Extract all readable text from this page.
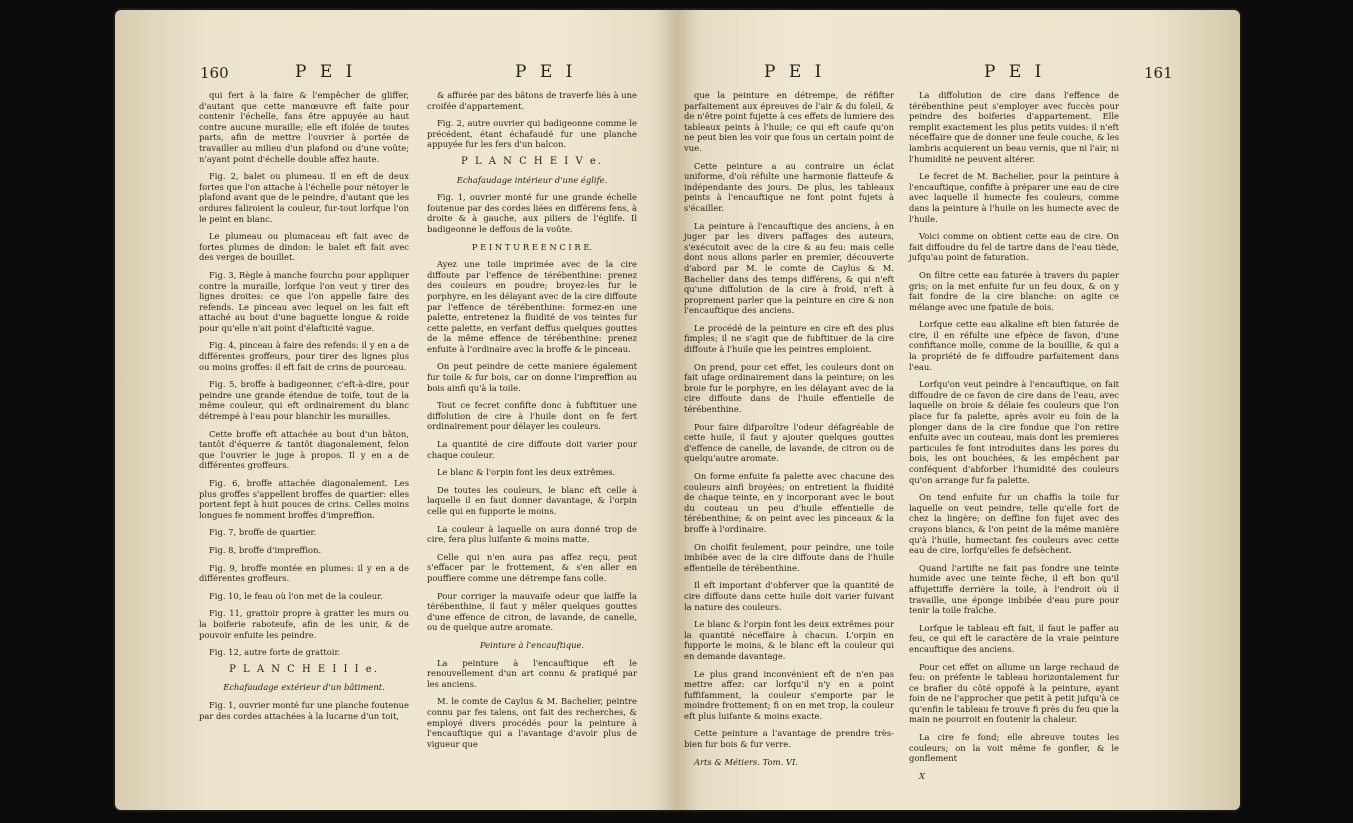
160	P E I	P E I

qui fert à la faire & l'empêcher de gliffer, d'autant que cette manœuvre eft faite pour contenir l'échelle, fans être appuyée au haut contre aucune muraille; elle eft ifolée de toutes parts, afin de mettre l'ouvrier à portée de travailler au milieu d'un plafond ou d'une voûte; n'ayant point d'échelle double affez haute.

Fig. 2, balet ou plumeau. Il en eft de deux fortes que l'on attache à l'échelle pour nétoyer le plafond avant que de le peindre, d'autant que les ordures faliroient la couleur, fur-tout lorfque l'on le peint en blanc.

Le plumeau ou plumaceau eft fait avec de fortes plumes de dindon: le balet eft fait avec des verges de bouillet.

Fig. 3, Règle à manche fourchu pour appliquer contre la muraille, lorfque l'on veut y tirer des lignes droites: ce que l'on appelle faire des refends. Le pinceau avec lequel on les fait eft attaché au bout d'une baguette longue & roide pour qu'elle n'ait point d'élafticité vague.

Fig. 4, pinceau à faire des refends: il y en a de différentes groffeurs, pour tirer des lignes plus ou moins groffes: il eft fait de crins de pourceau.

Fig. 5, broffe à badigeonner, c'eft-à-dire, pour peindre une grande étendue de toife, tout de la même couleur, qui eft ordinairement du blanc détrempé à l'eau pour blanchir les murailles.

Cette broffe eft attachée au bout d'un bâton, tantôt d'équerre & tantôt diagonalement, felon que l'ouvrier le juge à propos. Il y en a de différentes groffeurs.

Fig. 6, broffe attachée diagonalement. Les plus groffes s'appellent broffes de quartier: elles portent fept à huit pouces de crins. Celles moins longues fe nomment broffes d'impreffion.

Fig. 7, broffe de quartier.

Fig. 8, broffe d'impreffion.

Fig. 9, broffe montée en plumes: il y en a de différentes groffeurs.

Fig. 10, le feau où l'on met de la couleur.

Fig. 11, grattoir propre à gratter les murs ou la boiferie raboteufe, afin de les unir, & de pouvoir enfuite les peindre.

Fig. 12, autre forte de grattoir.

P L A N C H E I I I e.

Echafaudage extérieur d'un bâtiment.

Fig. 1, ouvrier monté fur une planche foutenue par des cordes attachées à la lucarne d'un toit,

& affurée par des bâtons de traverfe liés à une croifée d'appartement.

Fig. 2, autre ouvrier qui badigeonne comme le précédent, étant échafaudé fur une planche appuyée fur les fers d'un balcon.

P L A N C H E I V e.

Echafaudage intérieur d'une églife.

Fig. 1, ouvrier monté fur une grande échelle foutenue par des cordes liées en différens fens, à droite & à gauche, aux piliers de l'églife. Il badigeonne le deffous de la voûte.

P E I N T U R E E N C I R E.

Ayez une toile imprimée avec de la cire diffoute par l'effence de térébenthine: prenez des couleurs en poudre; broyez-les fur le porphyre, en les délayant avec de la cire diffoute par l'effence de térébenthine: formez-en une palette, entretenez la fluidité de vos teintes fur cette palette, en verfant deffus quelques gouttes de la même effence de térébenthine: prenez enfuite à l'ordinaire avec la broffe & le pinceau.

On peut peindre de cette maniere également fur toile & fur bois, car on donne l'impreffion au bois ainfi qu'à la toile.

Tout ce fecret confifte donc à fubftituer une diffolution de cire à l'huile dont on fe fert ordinairement pour délayer les couleurs.

La quantité de cire diffoute doit varier pour chaque couleur.

Le blanc & l'orpin font les deux extrêmes.

De toutes les couleurs, le blanc eft celle à laquelle il en faut donner davantage, & l'orpin celle qui en fupporte le moins.

La couleur à laquelle on aura donné trop de cire, fera plus luifante & moins matte.

Celle qui n'en aura pas affez reçu, peut s'effacer par le frottement, & s'en aller en pouffiere comme une détrempe fans colle.

Pour corriger la mauvaife odeur que laiffe la térébenthine, il faut y mêler quelques gouttes d'une effence de citron, de lavande, de canelle, ou de quelque autre aromate.

Peinture à l'encauftique.

La peinture à l'encauftique eft le renouvellement d'un art connu & pratiqué par les anciens.

M. le comte de Caylus & M. Bachelier, peintre connu par fes talens, ont fait des recherches, & employé divers procédés pour la peinture à l'encauftique qui a l'avantage d'avoir plus de vigueur que

P E I	P E I	161

que la peinture en détrempe, de réfifter parfaitement aux épreuves de l'air & du foleil, & de n'être point fujette à ces effets de lumiere des tableaux peints à l'huile; ce qui eft caufe qu'on ne peut bien les voir que fous un certain point de vue.

Cette peinture a au contraire un éclat uniforme, d'où réfulte une harmonie flatteufe & indépendante des jours. De plus, les tableaux peints à l'encauftique ne font point fujets à s'écailler.

La peinture à l'encauftique des anciens, à en juger par les divers paffages des auteurs, s'exécutoit avec de la cire & au feu: mais celle dont nous allons parler en premier, découverte d'abord par M. le comte de Caylus & M. Bachelier dans des temps différens, & qui n'eft qu'une diffolution de la cire à froid, n'eft à proprement parler que la peinture en cire & non l'encauftique des anciens.

Le procédé de la peinture en cire eft des plus fimples; il ne s'agit que de fubftituer de la cire diffoute à l'huile que les peintres emploient.

On prend, pour cet effet, les couleurs dont on fait ufage ordinairement dans la peinture; on les broie fur le porphyre, en les délayant avec de la cire diffoute dans de l'huile effentielle de térébenthine.

Pour faire difparoître l'odeur défagréable de cette huile, il faut y ajouter quelques gouttes d'effence de canelle, de lavande, de citron ou de quelqu'autre aromate.

On forme enfuite fa palette avec chacune des couleurs ainfi broyées; on entretient la fluidité de chaque teinte, en y incorporant avec le bout du couteau un peu d'huile effentielle de térébenthine; & on peint avec les pinceaux & la broffe à l'ordinaire.

On choifit feulement, pour peindre, une toile imbibée avec de la cire diffoute dans de l'huile effentielle de térébenthine.

Il eft important d'obferver que la quantité de cire diffoute dans cette huile doit varier fuivant la nature des couleurs.

Le blanc & l'orpin font les deux extrêmes pour la quantité néceffaire à chacun. L'orpin en fupporte le moins, & le blanc eft la couleur qui en demande davantage.

Le plus grand inconvénient eft de n'en pas mettre affez: car lorfqu'il n'y en a point fuffifamment, la couleur s'emporte par le moindre frottement; fi on en met trop, la couleur eft plus luifante & moins exacte.

Cette peinture a l'avantage de prendre très-bien fur bois & fur verre.

Arts & Métiers. Tom. VI.

La diffolution de cire dans l'effence de térébenthine peut s'employer avec fuccès pour peindre des boiferies d'appartement. Elle remplit exactement les plus petits vuides: il n'eft néceffaire que de donner une feule couche, & les lambris acquierent un beau vernis, que ni l'air, ni l'humidité ne peuvent altérer.

Le fecret de M. Bachelier, pour la peinture à l'encauftique, confifte à préparer une eau de cire avec laquelle il humecte fes couleurs, comme dans la peinture à l'huile on les humecte avec de l'huile.

Voici comme on obtient cette eau de cire. On fait diffoudre du fel de tartre dans de l'eau tiède, jufqu'au point de faturation.

On filtre cette eau faturée à travers du papier gris; on la met enfuite fur un feu doux, & on y fait fondre de la cire blanche: on agite ce mélange avec une fpatule de bois.

Lorfque cette eau alkaline eft bien faturée de cire, il en réfulte une efpèce de favon, d'une confiftance molle, comme de la bouillie, & qui a la propriété de fe diffoudre parfaitement dans l'eau.

Lorfqu'on veut peindre à l'encauftique, on fait diffoudre de ce favon de cire dans de l'eau, avec laquelle on broie & délaie fes couleurs que l'on place fur fa palette, après avoir eu foin de la plonger dans de la cire fondue que l'on retire enfuite avec un couteau, mais dont les premieres particules fe font introduites dans les pores du bois, les ont bouchées, & les empêchent par conféquent d'abforber l'humidité des couleurs qu'on arrange fur fa palette.

On tend enfuite fur un chaffis la toile fur laquelle on veut peindre, telle qu'elle fort de chez la lingère; on deffine fon fujet avec des crayons blancs, & l'on peint de la même manière qu'à l'huile, humectant fes couleurs avec cette eau de cire, lorfqu'elles fe defsèchent.

Quand l'artifte ne fait pas fondre une teinte humide avec une teinte fèche, il eft bon qu'il affujettiffe derrière la toile, à l'endroit où il travaille, une éponge imbibée d'eau pure pour tenir la toile fraîche.

Lorfque le tableau eft fait, il faut le paffer au feu, ce qui eft le caractère de la vraie peinture encauftique des anciens.

Pour cet effet on allume un large rechaud de feu: on préfente le tableau horizontalement fur ce brafier du côté oppofé à la peinture, ayant foin de ne l'approcher que petit à petit jufqu'à ce qu'enfin le tableau fe trouve fi près du feu que la main ne pourroit en foutenir la chaleur.

La cire fe fond; elle abreuve toutes les couleurs; on la voit même fe gonfler, & le gonflement

X
